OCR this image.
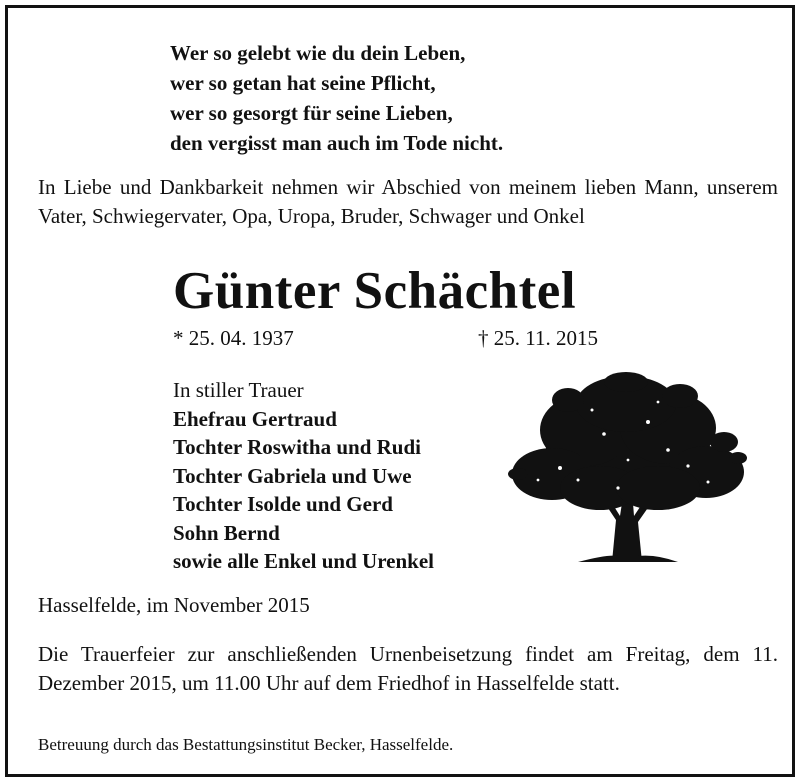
Wer so gelebt wie du dein Leben,
wer so getan hat seine Pflicht,
wer so gesorgt für seine Lieben,
den vergisst man auch im Tode nicht.
In Liebe und Dankbarkeit nehmen wir Abschied von meinem lieben Mann, unserem Vater, Schwiegervater, Opa, Uropa, Bruder, Schwager und Onkel
Günter Schächtel
* 25. 04. 1937	† 25. 11. 2015
In stiller Trauer
Ehefrau Gertraud
Tochter Roswitha und Rudi
Tochter Gabriela und Uwe
Tochter Isolde und Gerd
Sohn Bernd
sowie alle Enkel und Urenkel
Hasselfelde, im November 2015
Die Trauerfeier zur anschließenden Urnenbeisetzung findet am Freitag, dem 11. Dezember 2015, um 11.00 Uhr auf dem Friedhof in Hasselfelde statt.
Betreuung durch das Bestattungsinstitut Becker, Hasselfelde.
